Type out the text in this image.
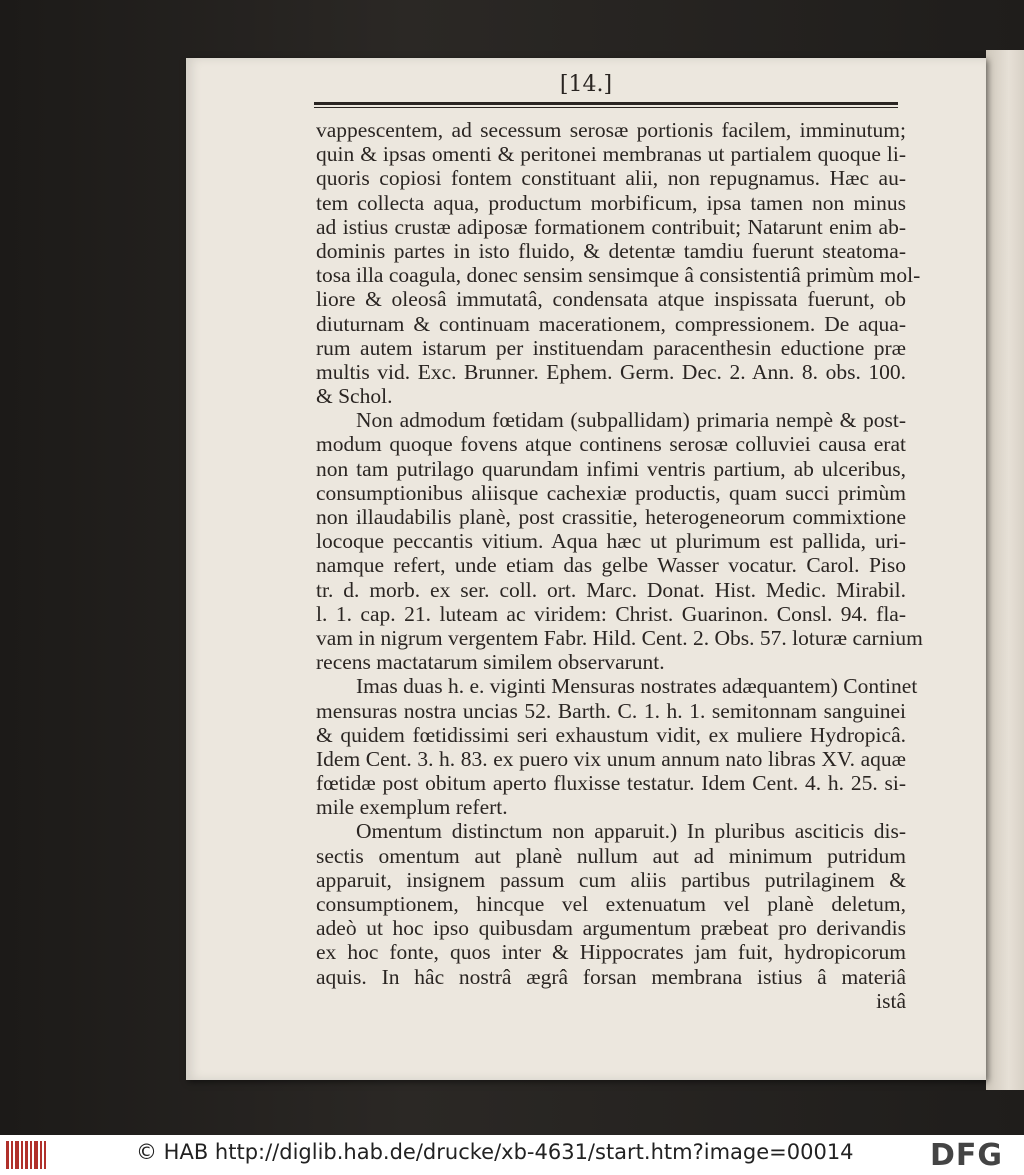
[14.]
vappescentem, ad secessum serosæ portionis facilem, imminutum;
quin & ipsas omenti & peritonei membranas ut partialem quoque li-
quoris copiosi fontem constituant alii, non repugnamus. Hæc au-
tem collecta aqua, productum morbificum, ipsa tamen non minus
ad istius crustæ adiposæ formationem contribuit; Natarunt enim ab-
dominis partes in isto fluido, & detentæ tamdiu fuerunt steatoma-
tosa illa coagula, donec sensim sensimque â consistentiâ primùm mol-
liore & oleosâ immutatâ, condensata atque inspissata fuerunt, ob
diuturnam & continuam macerationem, compressionem. De aqua-
rum autem istarum per instituendam paracenthesin eductione præ
multis vid. Exc. Brunner. Ephem. Germ. Dec. 2. Ann. 8. obs. 100.
& Schol.
Non admodum fœtidam (subpallidam) primaria nempè & post-
modum quoque fovens atque continens serosæ colluviei causa erat
non tam putrilago quarundam infimi ventris partium, ab ulceribus,
consumptionibus aliisque cachexiæ productis, quam succi primùm
non illaudabilis planè, post crassitie, heterogeneorum commixtione
locoque peccantis vitium. Aqua hæc ut plurimum est pallida, uri-
namque refert, unde etiam das gelbe Wasser vocatur. Carol. Piso
tr. d. morb. ex ser. coll. ort. Marc. Donat. Hist. Medic. Mirabil.
l. 1. cap. 21. luteam ac viridem: Christ. Guarinon. Consl. 94. fla-
vam in nigrum vergentem Fabr. Hild. Cent. 2. Obs. 57. loturæ carnium
recens mactatarum similem observarunt.
Imas duas h. e. viginti Mensuras nostrates adæquantem) Continet
mensuras nostra uncias 52. Barth. C. 1. h. 1. semitonnam sanguinei
& quidem fœtidissimi seri exhaustum vidit, ex muliere Hydropicâ.
Idem Cent. 3. h. 83. ex puero vix unum annum nato libras XV. aquæ
fœtidæ post obitum aperto fluxisse testatur. Idem Cent. 4. h. 25. si-
mile exemplum refert.
Omentum distinctum non apparuit.) In pluribus asciticis dis-
sectis omentum aut planè nullum aut ad minimum putridum
apparuit, insignem passum cum aliis partibus putrilaginem &
consumptionem, hincque vel extenuatum vel planè deletum,
adeò ut hoc ipso quibusdam argumentum præbeat pro derivandis
ex hoc fonte, quos inter & Hippocrates jam fuit, hydropicorum
aquis. In hâc nostrâ ægrâ forsan membrana istius â materiâ
istâ
© HAB http://diglib.hab.de/drucke/xb-4631/start.htm?image=00014	DFG
